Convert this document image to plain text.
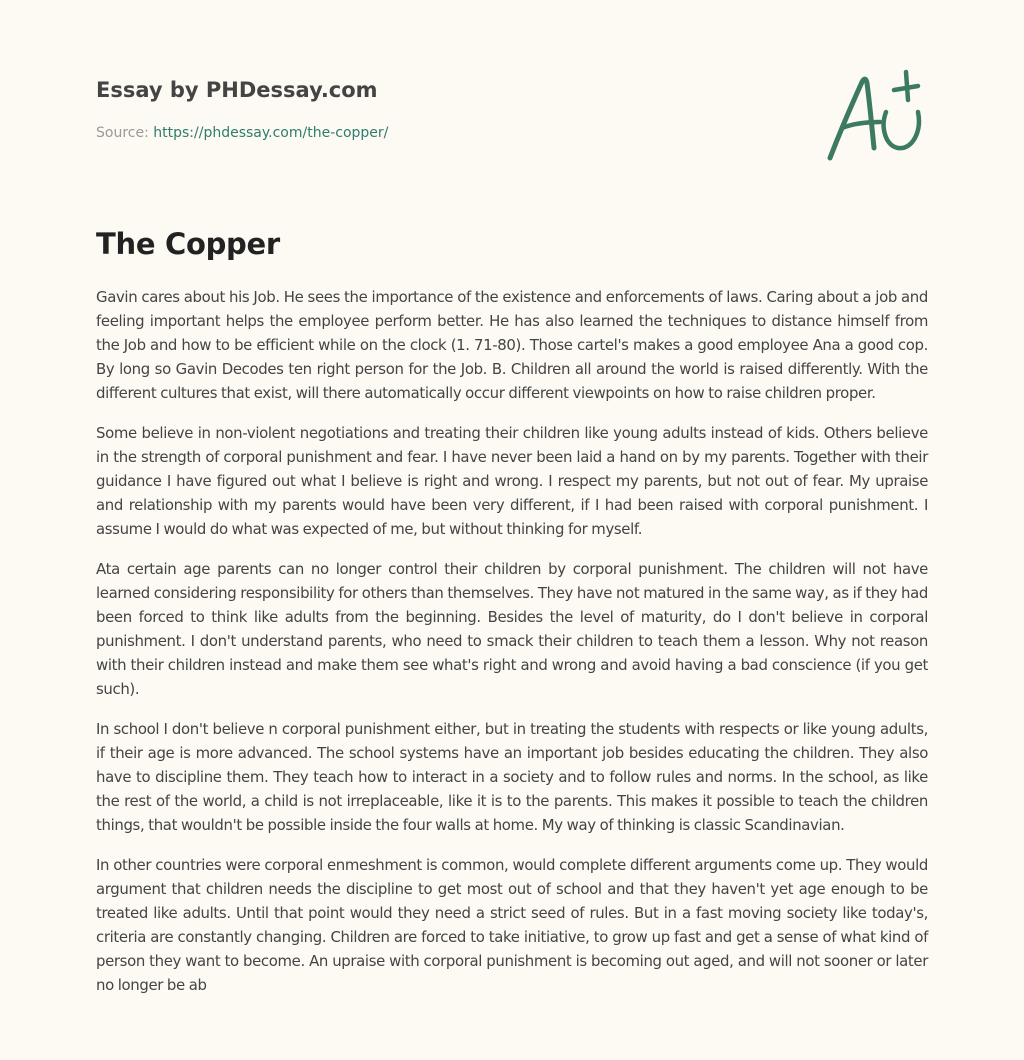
Essay by PHDessay.com
Source: https://phdessay.com/the-copper/
The Copper

Gavin cares about his Job. He sees the importance of the existence and enforcements of laws. Caring about a job and feeling important helps the employee perform better. He has also learned the techniques to distance himself from the Job and how to be efficient while on the clock (1. 71-80). Those cartel's makes a good employee Ana a good cop. By long so Gavin Decodes ten right person for the Job. B. Children all around the world is raised differently. With the different cultures that exist, will there automatically occur different viewpoints on how to raise children proper.

Some believe in non-violent negotiations and treating their children like young adults instead of kids. Others believe in the strength of corporal punishment and fear. I have never been laid a hand on by my parents. Together with their guidance I have figured out what I believe is right and wrong. I respect my parents, but not out of fear. My upraise and relationship with my parents would have been very different, if I had been raised with corporal punishment. I assume I would do what was expected of me, but without thinking for myself.

Ata certain age parents can no longer control their children by corporal punishment. The children will not have learned considering responsibility for others than themselves. They have not matured in the same way, as if they had been forced to think like adults from the beginning. Besides the level of maturity, do I don't believe in corporal punishment. I don't understand parents, who need to smack their children to teach them a lesson. Why not reason with their children instead and make them see what's right and wrong and avoid having a bad conscience (if you get such).

In school I don't believe n corporal punishment either, but in treating the students with respects or like young adults, if their age is more advanced. The school systems have an important job besides educating the children. They also have to discipline them. They teach how to interact in a society and to follow rules and norms. In the school, as like the rest of the world, a child is not irreplaceable, like it is to the parents. This makes it possible to teach the children things, that wouldn't be possible inside the four walls at home. My way of thinking is classic Scandinavian.

In other countries were corporal enmeshment is common, would complete different arguments come up. They would argument that children needs the discipline to get most out of school and that they haven't yet age enough to be treated like adults. Until that point would they need a strict seed of rules. But in a fast moving society like today's, criteria are constantly changing. Children are forced to take initiative, to grow up fast and get a sense of what kind of person they want to become. An upraise with corporal punishment is becoming out aged, and will not sooner or later no longer be ab
